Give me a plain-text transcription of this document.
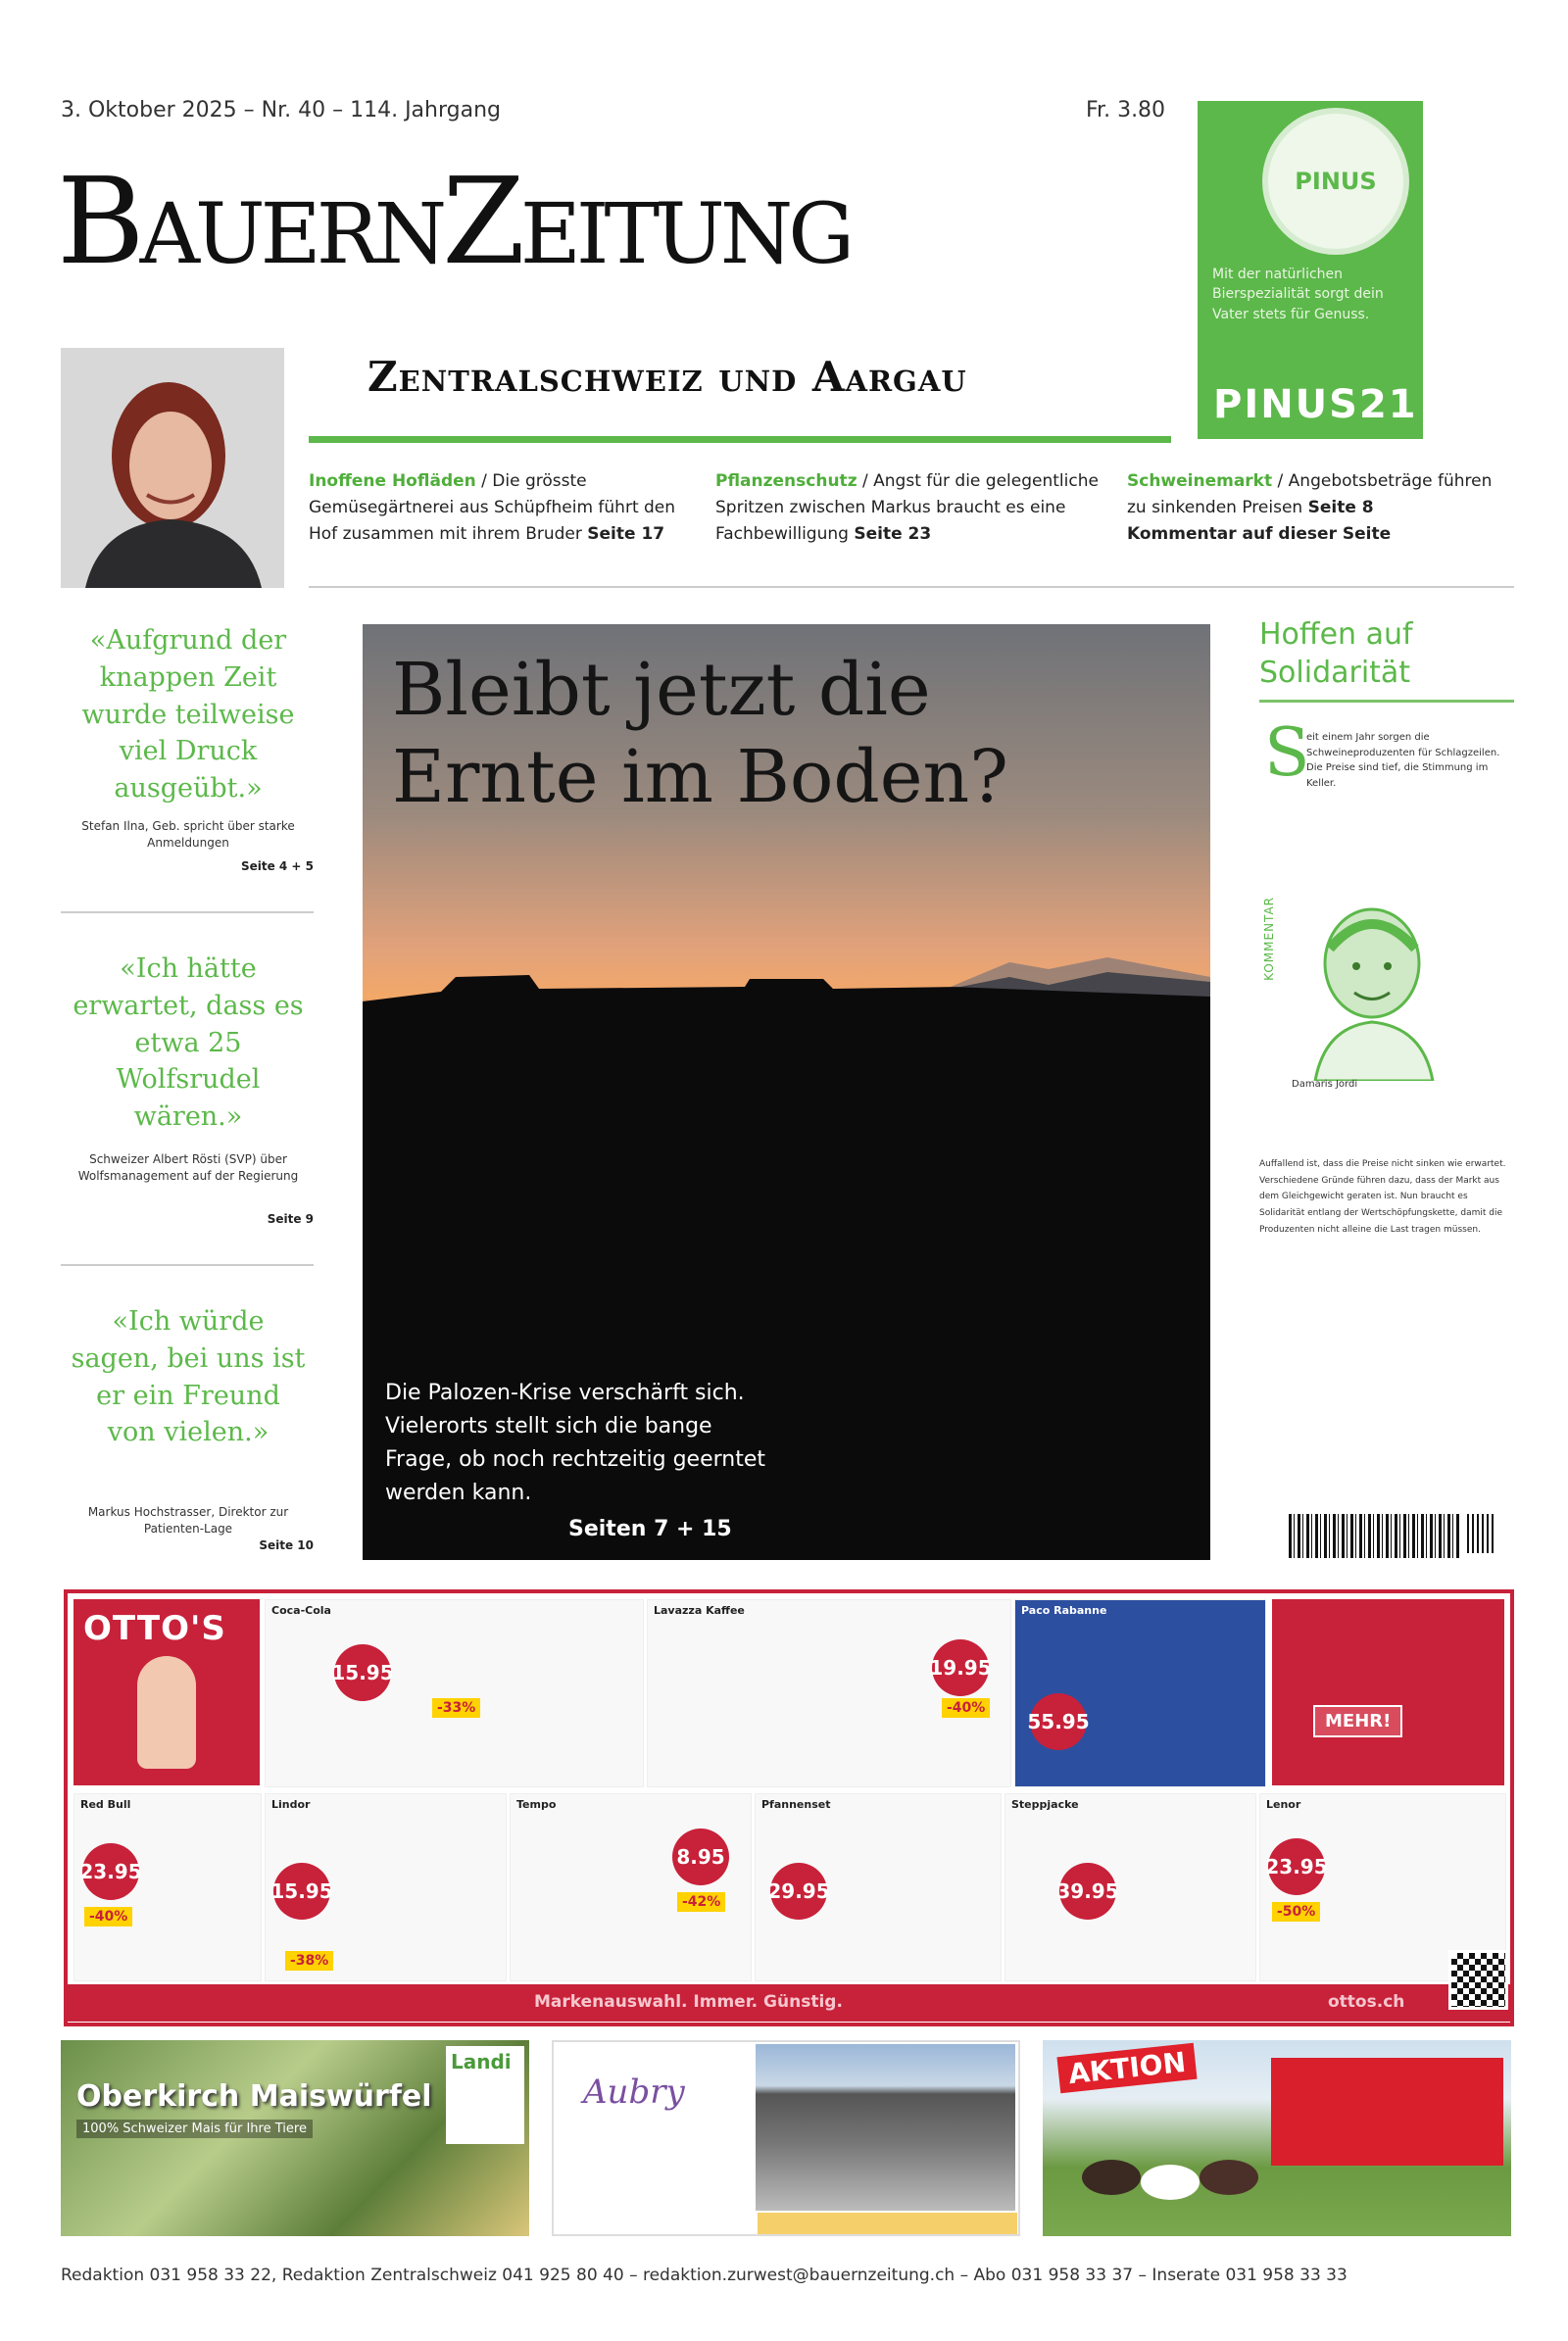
3. Oktober 2025 – Nr. 40 – 114. Jahrgang	Fr. 3.80
BauernZeitung
Zentralschweiz und Aargau
PINUS
Mit der natürlichen Bierspezialität sorgt dein Vater stets für Genuss.
PINUS21
Inoffene Hofläden / Die grösste Gemüsegärtnerei aus Schüpfheim führt den Hof zusammen mit ihrem Bruder Seite 17
Pflanzenschutz / Angst für die gelegentliche Spritzen zwischen Markus braucht es eine Fachbewilligung Seite 23
Schweinemarkt / Angebotsbeträge führen zu sinkenden Preisen Seite 8
Kommentar auf dieser Seite
«Aufgrund der knappen Zeit wurde teilweise viel Druck ausgeübt.»
Stefan Ilna, Geb. spricht über starke Anmeldungen
Seite 4 + 5
«Ich hätte erwartet, dass es etwa 25 Wolfsrudel wären.»
Schweizer Albert Rösti (SVP) über Wolfsmanagement auf der Regierung
Seite 9
«Ich würde sagen, bei uns ist er ein Freund von vielen.»
Markus Hochstrasser, Direktor zur Patienten-Lage
Seite 10
Bleibt jetzt die Ernte im Boden?
Die Palozen-Krise verschärft sich. Vielerorts stellt sich die bange Frage, ob noch rechtzeitig geerntet werden kann.
Seiten 7 + 15
Hoffen auf Solidarität
S
eit einem Jahr sorgen die Schweineproduzenten für Schlagzeilen. Die Preise sind tief, die Stimmung im Keller.
KOMMENTAR
Damaris Jordi
Auffallend ist, dass die Preise nicht sinken wie erwartet. Verschiedene Gründe führen dazu, dass der Markt aus dem Gleichgewicht geraten ist. Nun braucht es Solidarität entlang der Wertschöpfungskette, damit die Produzenten nicht alleine die Last tragen müssen.
OTTO'S	Coca-Cola
15.95
-33%
Lavazza Kaffee
19.95
-40%
Paco Rabanne
55.95	MEHR!
Red Bull
23.95
-40%
Lindor
15.95
-38%
Tempo
8.95
-42%
Pfannenset
29.95
Steppjacke
39.95
Lenor
23.95
-50%
Markenauswahl. Immer. Günstig.	ottos.ch
Oberkirch Maiswürfel
100% Schweizer Mais für Ihre Tiere
Landi
Aubry
AKTION
Redaktion 031 958 33 22, Redaktion Zentralschweiz 041 925 80 40 – redaktion.zurwest@bauernzeitung.ch – Abo 031 958 33 37 – Inserate 031 958 33 33
